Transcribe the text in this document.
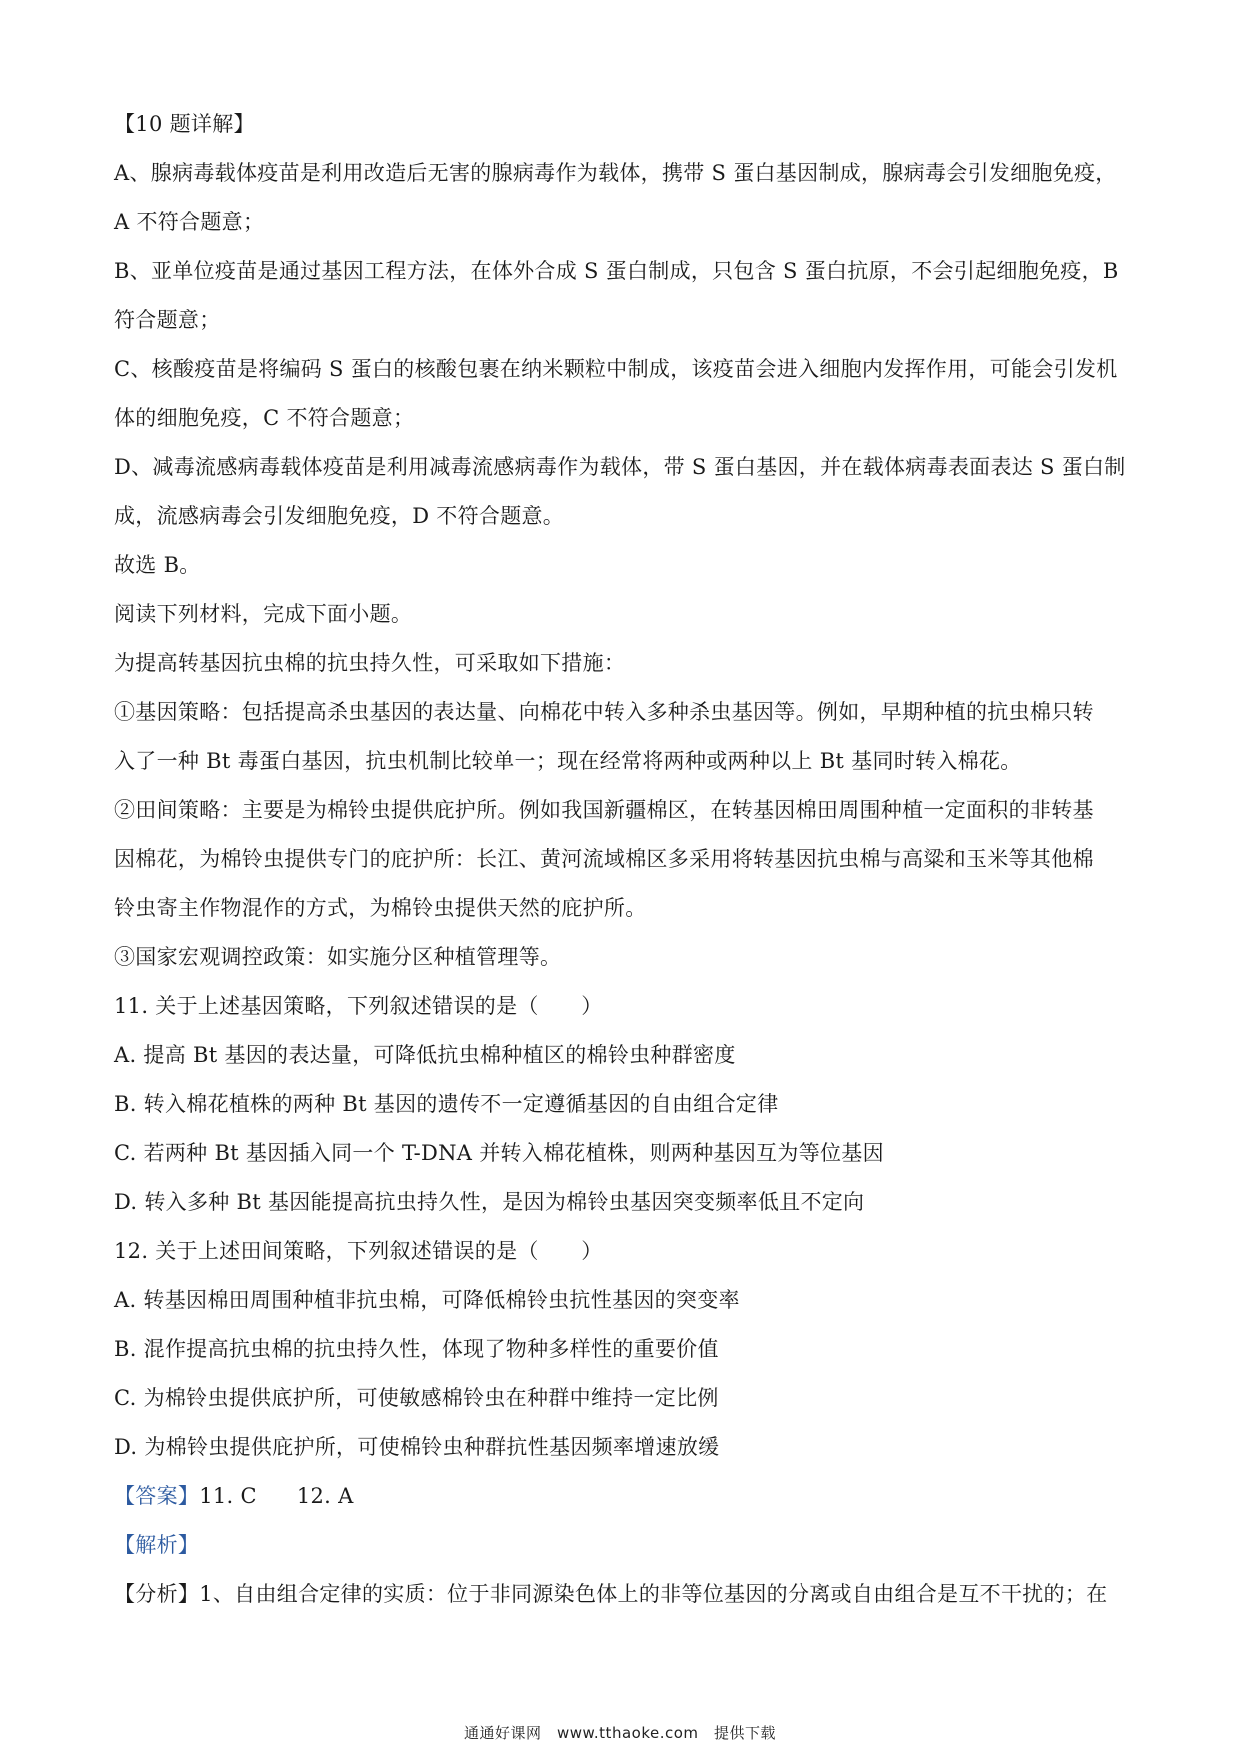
【10 题详解】
A、腺病毒载体疫苗是利用改造后无害的腺病毒作为载体，携带 S 蛋白基因制成，腺病毒会引发细胞免疫，
A 不符合题意；
B、亚单位疫苗是通过基因工程方法，在体外合成 S 蛋白制成，只包含 S 蛋白抗原，不会引起细胞免疫，B
符合题意；
C、核酸疫苗是将编码 S 蛋白的核酸包裹在纳米颗粒中制成，该疫苗会进入细胞内发挥作用，可能会引发机
体的细胞免疫，C 不符合题意；
D、减毒流感病毒载体疫苗是利用减毒流感病毒作为载体，带 S 蛋白基因，并在载体病毒表面表达 S 蛋白制
成，流感病毒会引发细胞免疫，D 不符合题意。
故选 B。
阅读下列材料，完成下面小题。
为提高转基因抗虫棉的抗虫持久性，可采取如下措施：
①基因策略：包括提高杀虫基因的表达量、向棉花中转入多种杀虫基因等。例如，早期种植的抗虫棉只转
入了一种 Bt 毒蛋白基因，抗虫机制比较单一；现在经常将两种或两种以上 Bt 基同时转入棉花。
②田间策略：主要是为棉铃虫提供庇护所。例如我国新疆棉区，在转基因棉田周围种植一定面积的非转基
因棉花，为棉铃虫提供专门的庇护所：长江、黄河流域棉区多采用将转基因抗虫棉与高粱和玉米等其他棉
铃虫寄主作物混作的方式，为棉铃虫提供天然的庇护所。
③国家宏观调控政策：如实施分区种植管理等。
11. 关于上述基因策略，下列叙述错误的是（　　）
A. 提高 Bt 基因的表达量，可降低抗虫棉种植区的棉铃虫种群密度
B. 转入棉花植株的两种 Bt 基因的遗传不一定遵循基因的自由组合定律
C. 若两种 Bt 基因插入同一个 T-DNA 并转入棉花植株，则两种基因互为等位基因
D. 转入多种 Bt 基因能提高抗虫持久性，是因为棉铃虫基因突变频率低且不定向
12. 关于上述田间策略，下列叙述错误的是（　　）
A. 转基因棉田周围种植非抗虫棉，可降低棉铃虫抗性基因的突变率
B. 混作提高抗虫棉的抗虫持久性，体现了物种多样性的重要价值
C. 为棉铃虫提供底护所，可使敏感棉铃虫在种群中维持一定比例
D. 为棉铃虫提供庇护所，可使棉铃虫种群抗性基因频率增速放缓
【答案】11. C 12. A
【解析】
【分析】1、自由组合定律的实质：位于非同源染色体上的非等位基因的分离或自由组合是互不干扰的；在
通通好课网　www.tthaoke.com　提供下载
